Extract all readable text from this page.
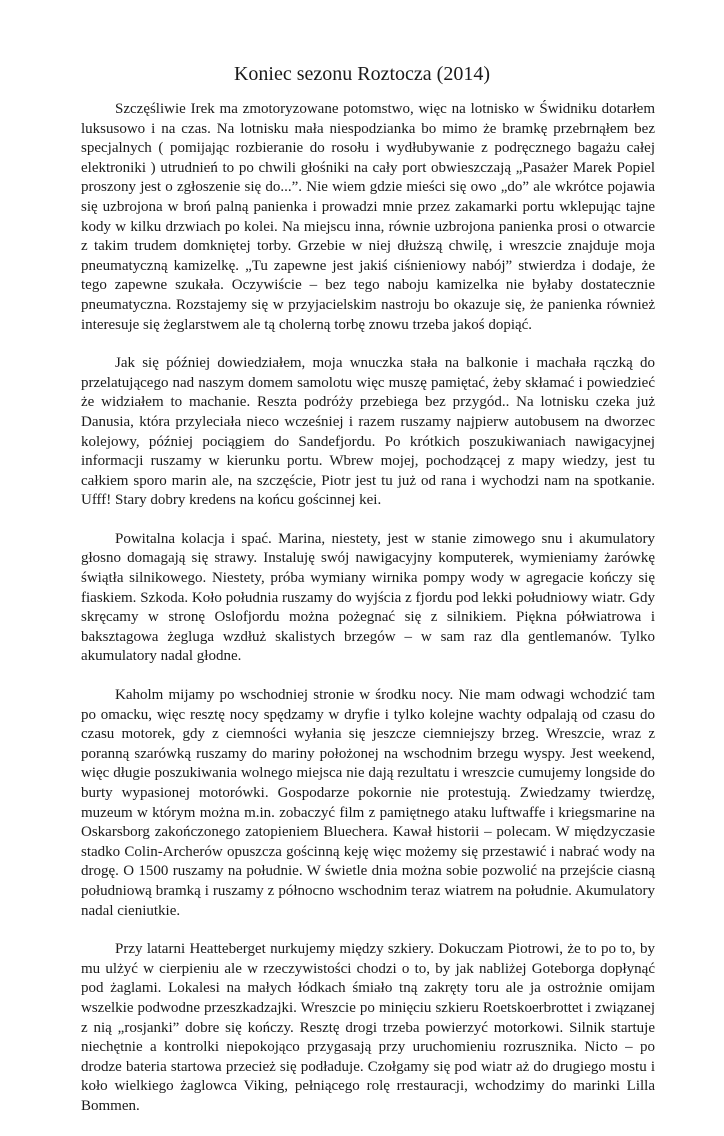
Koniec sezonu Roztocza (2014)

Szczęśliwie Irek ma zmotoryzowane potomstwo, więc na lotnisko w Świdniku dotarłem luksusowo i na czas. Na lotnisku mała niespodzianka bo mimo że bramkę przebrnąłem bez specjalnych ( pomijając rozbieranie do rosołu i wydłubywanie z podręcznego bagażu całej elektroniki ) utrudnień to po chwili głośniki na cały port obwieszczają „Pasażer Marek Popiel proszony jest o zgłoszenie się do...”. Nie wiem gdzie mieści się owo „do” ale wkrótce pojawia się uzbrojona w broń palną panienka i prowadzi mnie przez zakamarki portu wklepując tajne kody w kilku drzwiach po kolei. Na miejscu inna, równie uzbrojona panienka prosi o otwarcie z takim trudem domkniętej torby. Grzebie w niej dłuższą chwilę, i wreszcie znajduje moja pneumatyczną kamizelkę. „Tu zapewne jest jakiś ciśnieniowy nabój” stwierdza i dodaje, że tego zapewne szukała. Oczywiście – bez tego naboju kamizelka nie byłaby dostatecznie pneumatyczna. Rozstajemy się w przyjacielskim nastroju bo okazuje się, że panienka również interesuje się żeglarstwem ale tą cholerną torbę znowu trzeba jakoś dopiąć.

Jak się później dowiedziałem, moja wnuczka stała na balkonie i machała rączką do przelatującego nad naszym domem samolotu więc muszę pamiętać, żeby skłamać i powiedzieć że widziałem to machanie. Reszta podróży przebiega bez przygód.. Na lotnisku czeka już Danusia, która przyleciała nieco wcześniej i razem ruszamy najpierw autobusem na dworzec kolejowy, później pociągiem do Sandefjordu. Po krótkich poszukiwaniach nawigacyjnej informacji ruszamy w kierunku portu. Wbrew mojej, pochodzącej z mapy wiedzy, jest tu całkiem sporo marin ale, na szczęście, Piotr jest tu już od rana i wychodzi nam na spotkanie. Ufff! Stary dobry kredens na końcu gościnnej kei.

Powitalna kolacja i spać. Marina, niestety, jest w stanie zimowego snu i akumulatory głosno domagają się strawy. Instaluję swój nawigacyjny komputerek, wymieniamy żarówkę świątła silnikowego. Niestety, próba wymiany wirnika pompy wody w agregacie kończy się fiaskiem. Szkoda. Koło południa ruszamy do wyjścia z fjordu pod lekki południowy wiatr. Gdy skręcamy w stronę Oslofjordu można pożegnać się z silnikiem. Piękna półwiatrowa i baksztagowa żegluga wzdłuż skalistych brzegów – w sam raz dla gentlemanów. Tylko akumulatory nadal głodne.

Kaholm mijamy po wschodniej stronie w środku nocy. Nie mam odwagi wchodzić tam po omacku, więc resztę nocy spędzamy w dryfie i tylko kolejne wachty odpalają od czasu do czasu motorek, gdy z ciemności wyłania się jeszcze ciemniejszy brzeg. Wreszcie, wraz z poranną szarówką ruszamy do mariny położonej na wschodnim brzegu wyspy. Jest weekend, więc długie poszukiwania wolnego miejsca nie dają rezultatu i wreszcie cumujemy longside do burty wypasionej motorówki. Gospodarze pokornie nie protestują. Zwiedzamy twierdzę, muzeum w którym można m.in. zobaczyć film z pamiętnego ataku luftwaffe i kriegsmarine na Oskarsborg zakończonego zatopieniem Bluechera. Kawał historii – polecam. W międzyczasie stadko Colin-Archerów opuszcza gościnną keję więc możemy się przestawić i nabrać wody na drogę. O 1500 ruszamy na południe. W świetle dnia można sobie pozwolić na przejście ciasną południową bramką i ruszamy z północno wschodnim teraz wiatrem na południe. Akumulatory nadal cieniutkie.

Przy latarni Heatteberget nurkujemy między szkiery. Dokuczam Piotrowi, że to po to, by mu ulżyć w cierpieniu ale w rzeczywistości chodzi o to, by jak nabliżej Goteborga dopłynąć pod żaglami. Lokalesi na małych łódkach śmiało tną zakręty toru ale ja ostrożnie omijam wszelkie podwodne przeszkadzajki. Wreszcie po minięciu szkieru Roetskoerbrottet i związanej z nią „rosjanki” dobre się kończy. Resztę drogi trzeba powierzyć motorkowi. Silnik startuje niechętnie a kontrolki niepokojąco przygasają przy uruchomieniu rozrusznika. Nicto – po drodze bateria startowa przecież się podładuje. Czołgamy się pod wiatr aż do drugiego mostu i koło wielkiego żaglowca Viking, pełniącego rolę rrestauracji, wchodzimy do marinki Lilla Bommen.
